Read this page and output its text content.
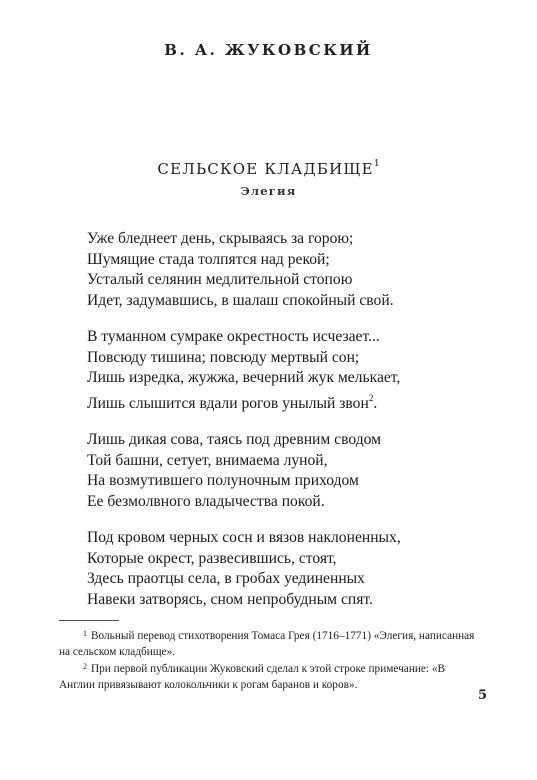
В. А. ЖУКОВСКИЙ
СЕЛЬСКОЕ КЛАДБИЩЕ$^1$
Элегия
Уже бледнеет день, скрываясь за горою;
Шумящие стада толпятся над рекой;
Усталый селянин медлительной стопою
Идет, задумавшись, в шалаш спокойный свой.
В туманном сумраке окрестность исчезает...
Повсюду тишина; повсюду мертвый сон;
Лишь изредка, жужжа, вечерний жук мелькает,
Лишь слышится вдали рогов унылый звон$^2$.
Лишь дикая сова, таясь под древним сводом
Той башни, сетует, внимаема луной,
На возмутившего полуночным приходом
Ее безмолвного владычества покой.
Под кровом черных сосн и вязов наклоненных,
Которые окрест, развесившись, стоят,
Здесь праотцы села, в гробах уединенных
Навеки затворясь, сном непробудным спят.

$^1$ Вольный перевод стихотворения Томаса Грея (1716–1771) «Элегия, написанная на сельском кладбище».

$^2$ При первой публикации Жуковский сделал к этой строке примечание: «В Англии привязывают колокольчики к рогам баранов и коров».

5
